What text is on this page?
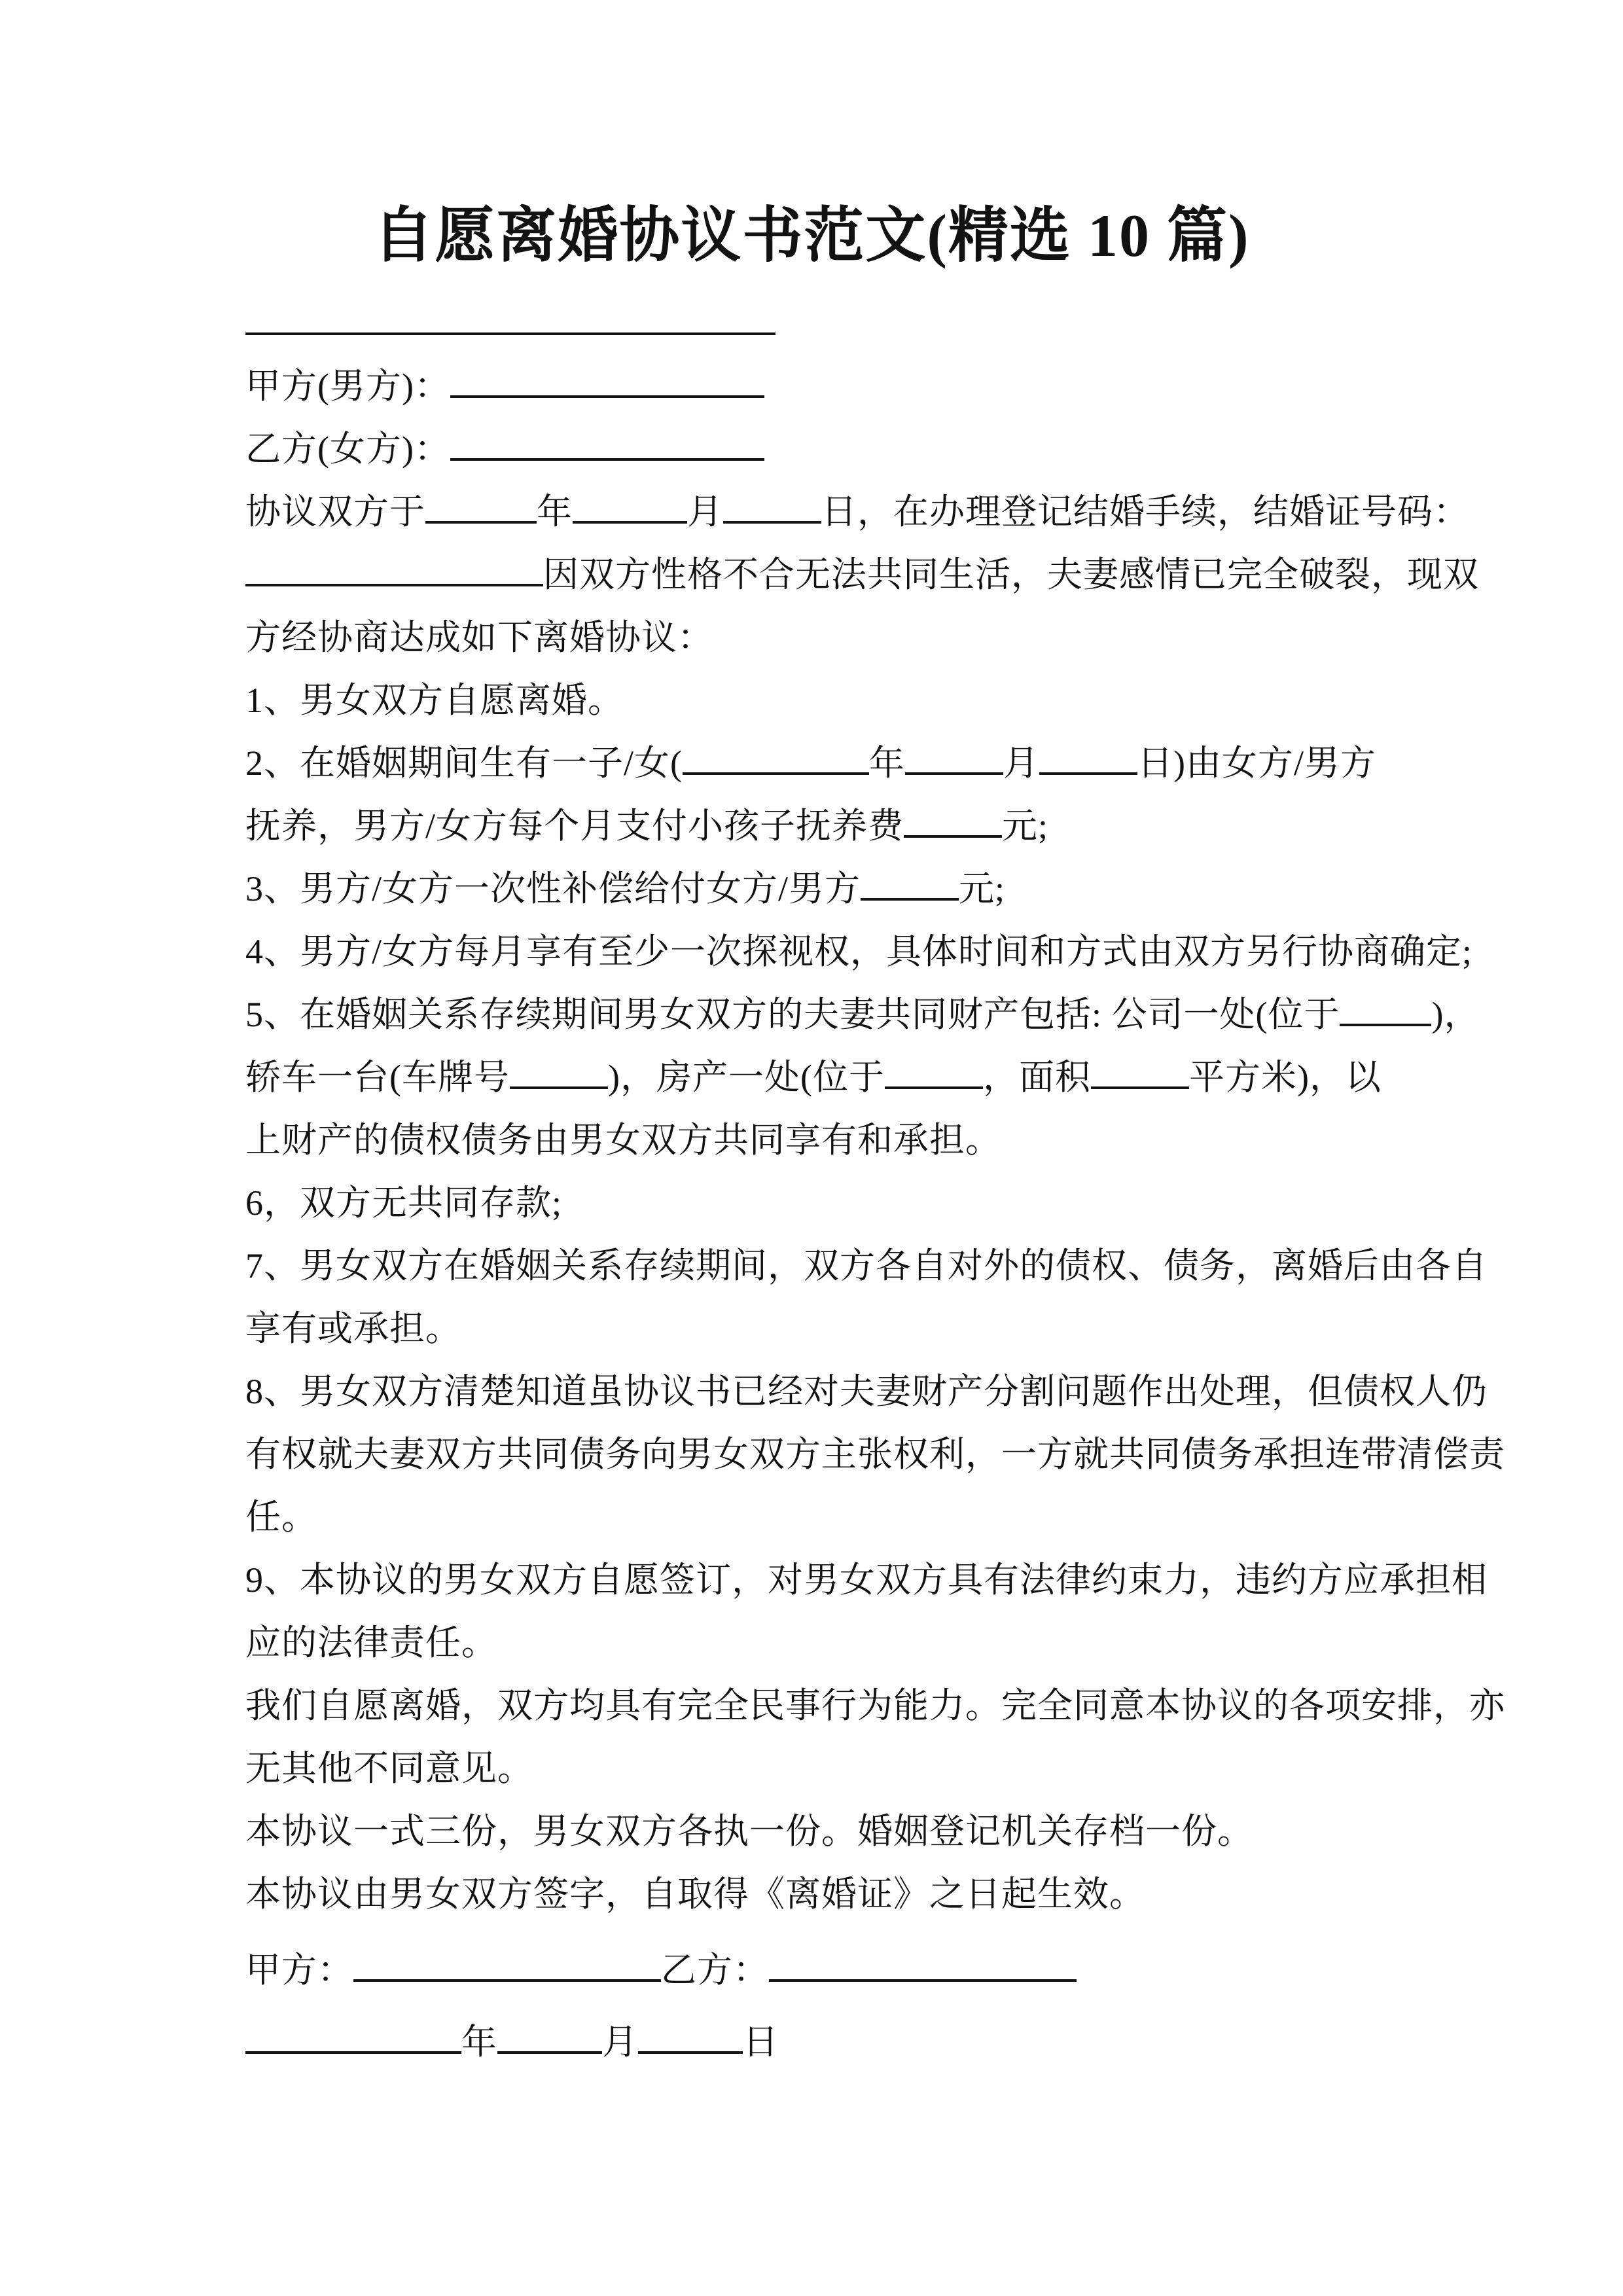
自愿离婚协议书范文(精选 10 篇)
甲方(男方)：
乙方(女方)：
协议双方于	年	月	日，在办理登记结婚手续，结婚证号码：
因双方性格不合无法共同生活，夫妻感情已完全破裂，现双
方经协商达成如下离婚协议：
1、男女双方自愿离婚。
2、在婚姻期间生有一子/女(	年	月	日)由女方/男方
抚养，男方/女方每个月支付小孩子抚养费	元;
3、男方/女方一次性补偿给付女方/男方	元;
4、男方/女方每月享有至少一次探视权，具体时间和方式由双方另行协商确定;
5、在婚姻关系存续期间男女双方的夫妻共同财产包括: 公司一处(位于	)，
轿车一台(车牌号	)，房产一处(位于	，面积	平方米)，以
上财产的债权债务由男女双方共同享有和承担。
6，双方无共同存款;
7、男女双方在婚姻关系存续期间，双方各自对外的债权、债务，离婚后由各自
享有或承担。
8、男女双方清楚知道虽协议书已经对夫妻财产分割问题作出处理，但债权人仍
有权就夫妻双方共同债务向男女双方主张权利，一方就共同债务承担连带清偿责
任。
9、本协议的男女双方自愿签订，对男女双方具有法律约束力，违约方应承担相
应的法律责任。
我们自愿离婚，双方均具有完全民事行为能力。完全同意本协议的各项安排，亦
无其他不同意见。
本协议一式三份，男女双方各执一份。婚姻登记机关存档一份。
本协议由男女双方签字，自取得《离婚证》之日起生效。
甲方：	乙方：
年	月	日
